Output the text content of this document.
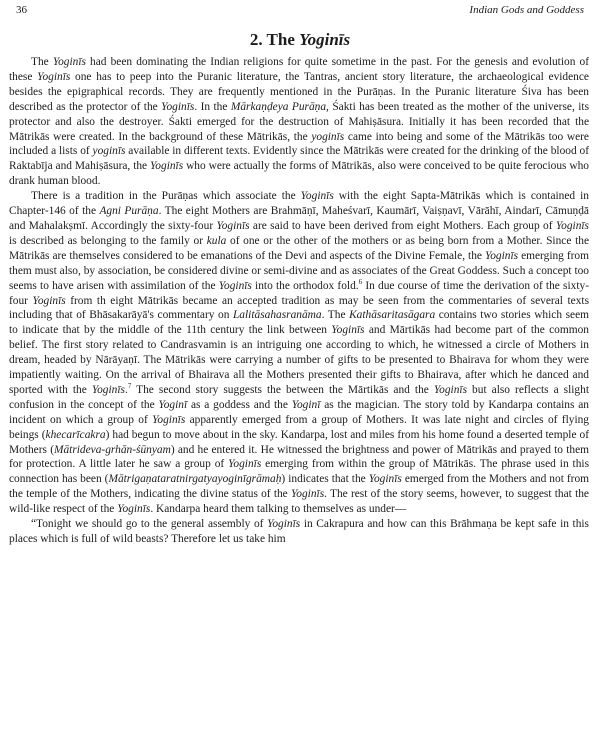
36	Indian Gods and Goddess
2. The Yoginīs

The Yoginīs had been dominating the Indian religions for quite sometime in the past. For the genesis and evolution of these Yoginīs one has to peep into the Puranic literature, the Tantras, ancient story literature, the archaeological evidence besides the epigraphical records. They are frequently mentioned in the Purāṇas. In the Puranic literature Śiva has been described as the protector of the Yoginīs. In the Mārkaṇḍeya Purāṇa, Śakti has been treated as the mother of the universe, its protector and also the destroyer. Śakti emerged for the destruction of Mahiṣāsura. Initially it has been recorded that the Mātrikās were created. In the background of these Mātrikās, the yoginīs came into being and some of the Mātrikās too were included a lists of yoginīs available in different texts. Evidently since the Mātrikās were created for the drinking of the blood of Raktabīja and Mahiṣāsura, the Yoginīs who were actually the forms of Mātrikās, also were conceived to be quite ferocious who drank human blood.

There is a tradition in the Purāṇas which associate the Yoginīs with the eight Sapta-Mātrikās which is contained in Chapter-146 of the Agni Purāṇa. The eight Mothers are Brahmāṇī, Maheśvarī, Kaumārī, Vaiṣṇavī, Vārāhī, Aindarī, Cāmuṇḍā and Mahalakṣmī. Accordingly the sixty-four Yoginīs are said to have been derived from eight Mothers. Each group of Yoginīs is described as belonging to the family or kula of one or the other of the mothers or as being born from a Mother. Since the Mātrikās are themselves considered to be emanations of the Devi and aspects of the Divine Female, the Yoginīs emerging from them must also, by association, be considered divine or semi-divine and as associates of the Great Goddess. Such a concept too seems to have arisen with assimilation of the Yoginīs into the orthodox fold.$^6$ In due course of time the derivation of the sixty-four Yoginīs from th eight Mātrikās became an accepted tradition as may be seen from the commentaries of several texts including that of Bhāsakarāyā's commentary on Lalitāsahasranāma. The Kathāsaritasāgara contains two stories which seem to indicate that by the middle of the 11th century the link between Yoginīs and Mārtikās had become part of the common belief. The first story related to Candrasvamin is an intriguing one according to which, he witnessed a circle of Mothers in dream, headed by Nārāyaṇī. The Mātrikās were carrying a number of gifts to be presented to Bhairava for whom they were impatiently waiting. On the arrival of Bhairava all the Mothers presented their gifts to Bhairava, after which he danced and sported with the Yoginīs.$^7$ The second story suggests the between the Mārtikās and the Yoginīs but also reflects a slight confusion in the concept of the Yoginī as a goddess and the Yoginī as the magician. The story told by Kandarpa contains an incident on which a group of Yoginīs apparently emerged from a group of Mothers. It was late night and circles of flying beings (khecarīcakra) had begun to move about in the sky. Kandarpa, lost and miles from his home found a deserted temple of Mothers (Mātrideva-grhān-śūnyam) and he entered it. He witnessed the brightness and power of Mātrikās and prayed to them for protection. A little later he saw a group of Yoginīs emerging from within the group of Mātrikās. The phrase used in this connection has been (Mātrigaṇataratnirgatyayoginīgrāmaḥ) indicates that the Yoginīs emerged from the Mothers and not from the temple of the Mothers, indicating the divine status of the Yoginīs. The rest of the story seems, however, to suggest that the wild-like respect of the Yoginīs. Kandarpa heard them talking to themselves as under—

“Tonight we should go to the general assembly of Yoginīs in Cakrapura and how can this Brāhmaṇa be kept safe in this places which is full of wild beasts? Therefore let us take him
